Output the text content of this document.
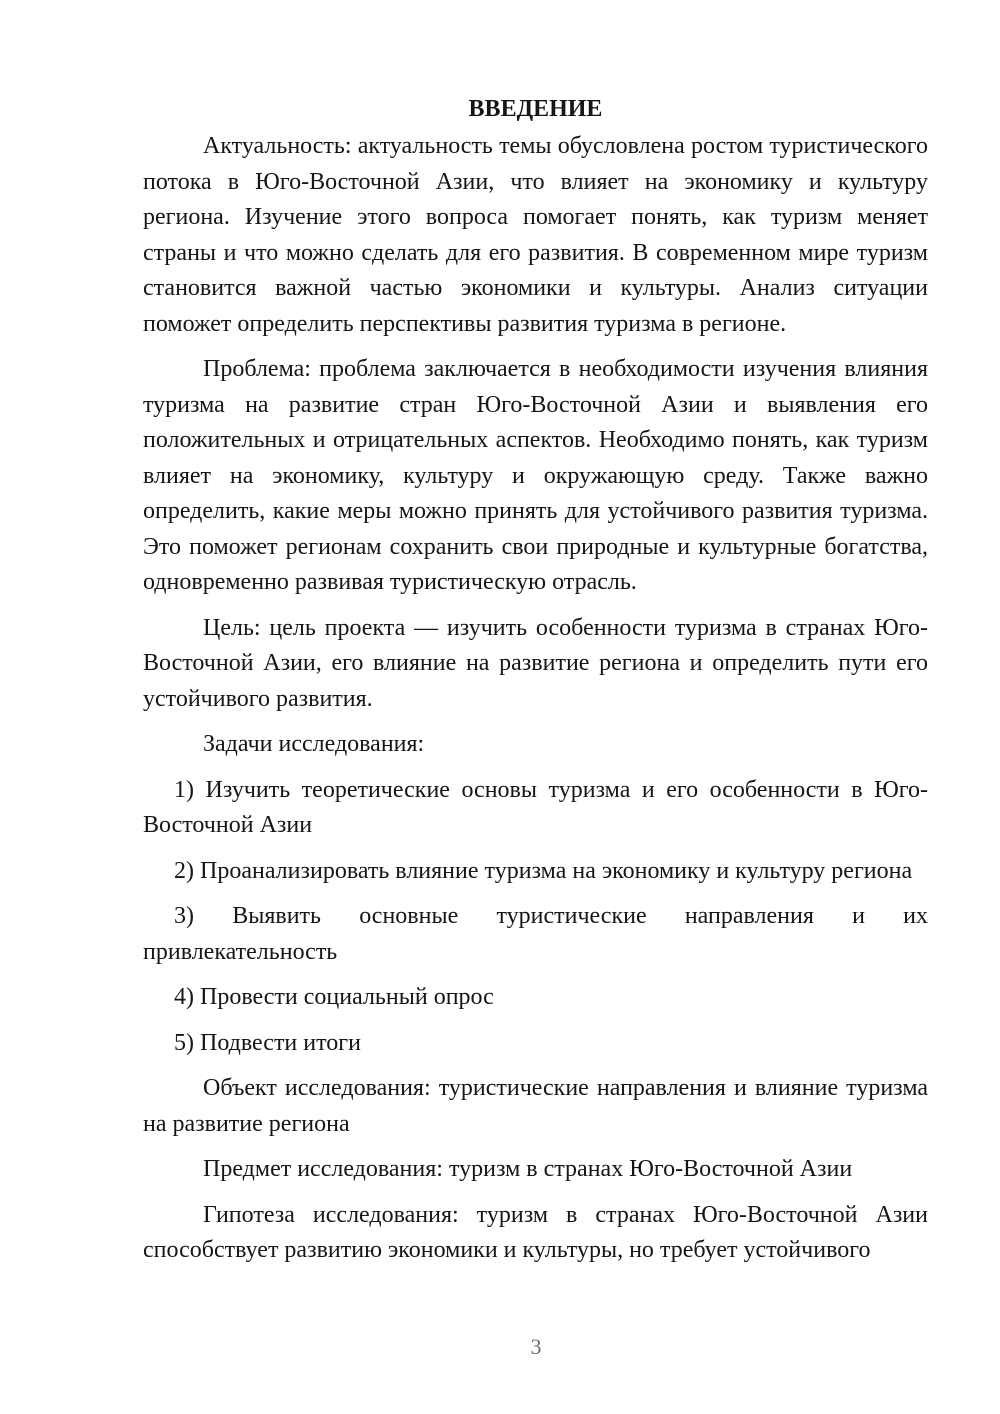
ВВЕДЕНИЕ

Актуальность: актуальность темы обусловлена ростом туристического потока в Юго-Восточной Азии, что влияет на экономику и культуру региона. Изучение этого вопроса помогает понять, как туризм меняет страны и что можно сделать для его развития. В современном мире туризм становится важной частью экономики и культуры. Анализ ситуации поможет определить перспективы развития туризма в регионе.

Проблема: проблема заключается в необходимости изучения влияния туризма на развитие стран Юго-Восточной Азии и выявления его положительных и отрицательных аспектов. Необходимо понять, как туризм влияет на экономику, культуру и окружающую среду. Также важно определить, какие меры можно принять для устойчивого развития туризма. Это поможет регионам сохранить свои природные и культурные богатства, одновременно развивая туристическую отрасль.

Цель: цель проекта — изучить особенности туризма в странах Юго-Восточной Азии, его влияние на развитие региона и определить пути его устойчивого развития.

Задачи исследования:

1) Изучить теоретические основы туризма и его особенности в Юго-Восточной Азии

2) Проанализировать влияние туризма на экономику и культуру региона

3) Выявить основные туристические направления и их привлекательность

4) Провести социальный опрос

5) Подвести итоги

Объект исследования: туристические направления и влияние туризма на развитие региона

Предмет исследования: туризм в странах Юго-Восточной Азии

Гипотеза исследования: туризм в странах Юго-Восточной Азии способствует развитию экономики и культуры, но требует устойчивого

3
